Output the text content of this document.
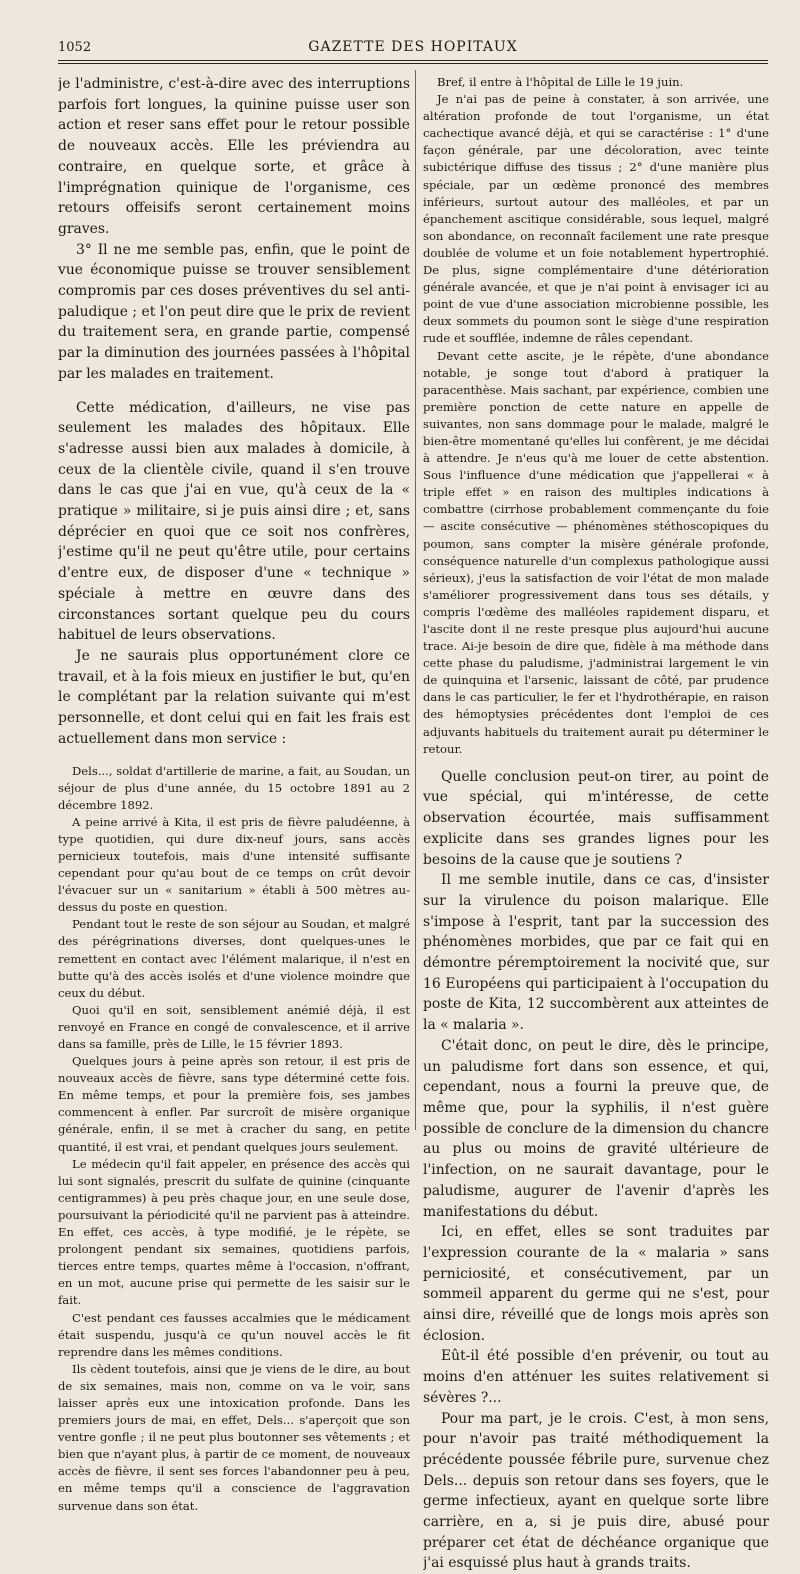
1052	GAZETTE DES HOPITAUX

je l'administre, c'est-à-dire avec des interruptions parfois fort longues, la quinine puisse user son action et reser sans effet pour le retour possible de nouveaux accès. Elle les préviendra au contraire, en quelque sorte, et grâce à l'imprégnation quinique de l'organisme, ces retours offeisifs seront certainement moins graves.

3° Il ne me semble pas, enfin, que le point de vue économique puisse se trouver sensiblement compromis par ces doses préventives du sel anti-paludique ; et l'on peut dire que le prix de revient du traitement sera, en grande partie, compensé par la diminution des journées passées à l'hôpital par les malades en traitement.

Cette médication, d'ailleurs, ne vise pas seulement les malades des hôpitaux. Elle s'adresse aussi bien aux malades à domicile, à ceux de la clientèle civile, quand il s'en trouve dans le cas que j'ai en vue, qu'à ceux de la « pratique » militaire, si je puis ainsi dire ; et, sans déprécier en quoi que ce soit nos confrères, j'estime qu'il ne peut qu'être utile, pour certains d'entre eux, de disposer d'une « technique » spéciale à mettre en œuvre dans des circonstances sortant quelque peu du cours habituel de leurs observations.

Je ne saurais plus opportunément clore ce travail, et à la fois mieux en justifier le but, qu'en le complétant par la relation suivante qui m'est personnelle, et dont celui qui en fait les frais est actuellement dans mon service :

Dels..., soldat d'artillerie de marine, a fait, au Soudan, un séjour de plus d'une année, du 15 octobre 1891 au 2 décembre 1892.

A peine arrivé à Kita, il est pris de fièvre paludéenne, à type quotidien, qui dure dix-neuf jours, sans accès pernicieux toutefois, mais d'une intensité suffisante cependant pour qu'au bout de ce temps on crût devoir l'évacuer sur un « sanitarium » établi à 500 mètres au-dessus du poste en question.

Pendant tout le reste de son séjour au Soudan, et malgré des pérégrinations diverses, dont quelques-unes le remettent en contact avec l'élément malarique, il n'est en butte qu'à des accès isolés et d'une violence moindre que ceux du début.

Quoi qu'il en soit, sensiblement anémié déjà, il est renvoyé en France en congé de convalescence, et il arrive dans sa famille, près de Lille, le 15 février 1893.

Quelques jours à peine après son retour, il est pris de nouveaux accès de fièvre, sans type déterminé cette fois. En même temps, et pour la première fois, ses jambes commencent à enfler. Par surcroît de misère organique générale, enfin, il se met à cracher du sang, en petite quantité, il est vrai, et pendant quelques jours seulement.

Le médecin qu'il fait appeler, en présence des accès qui lui sont signalés, prescrit du sulfate de quinine (cinquante centigrammes) à peu près chaque jour, en une seule dose, poursuivant la périodicité qu'il ne parvient pas à atteindre. En effet, ces accès, à type modifié, je le répète, se prolongent pendant six semaines, quotidiens parfois, tierces entre temps, quartes même à l'occasion, n'offrant, en un mot, aucune prise qui permette de les saisir sur le fait.

C'est pendant ces fausses accalmies que le médicament était suspendu, jusqu'à ce qu'un nouvel accès le fit reprendre dans les mêmes conditions.

Ils cèdent toutefois, ainsi que je viens de le dire, au bout de six semaines, mais non, comme on va le voir, sans laisser après eux une intoxication profonde. Dans les premiers jours de mai, en effet, Dels... s'aperçoit que son ventre gonfle ; il ne peut plus boutonner ses vêtements ; et bien que n'ayant plus, à partir de ce moment, de nouveaux accès de fièvre, il sent ses forces l'abandonner peu à peu, en même temps qu'il a conscience de l'aggravation survenue dans son état.

Bref, il entre à l'hôpital de Lille le 19 juin.

Je n'ai pas de peine à constater, à son arrivée, une altération profonde de tout l'organisme, un état cachectique avancé déjà, et qui se caractérise : 1° d'une façon générale, par une décoloration, avec teinte subictérique diffuse des tissus ; 2° d'une manière plus spéciale, par un œdème prononcé des membres inférieurs, surtout autour des malléoles, et par un épanchement ascitique considérable, sous lequel, malgré son abondance, on reconnaît facilement une rate presque doublée de volume et un foie notablement hypertrophié. De plus, signe complémentaire d'une détérioration générale avancée, et que je n'ai point à envisager ici au point de vue d'une association microbienne possible, les deux sommets du poumon sont le siège d'une respiration rude et soufflée, indemne de râles cependant.

Devant cette ascite, je le répète, d'une abondance notable, je songe tout d'abord à pratiquer la paracenthèse. Mais sachant, par expérience, combien une première ponction de cette nature en appelle de suivantes, non sans dommage pour le malade, malgré le bien-être momentané qu'elles lui confèrent, je me décidai à attendre. Je n'eus qu'à me louer de cette abstention. Sous l'influence d'une médication que j'appellerai « à triple effet » en raison des multiples indications à combattre (cirrhose probablement commençante du foie — ascite consécutive — phénomènes stéthoscopiques du poumon, sans compter la misère générale profonde, conséquence naturelle d'un complexus pathologique aussi sérieux), j'eus la satisfaction de voir l'état de mon malade s'améliorer progressivement dans tous ses détails, y compris l'œdème des malléoles rapidement disparu, et l'ascite dont il ne reste presque plus aujourd'hui aucune trace. Ai-je besoin de dire que, fidèle à ma méthode dans cette phase du paludisme, j'administrai largement le vin de quinquina et l'arsenic, laissant de côté, par prudence dans le cas particulier, le fer et l'hydrothérapie, en raison des hémoptysies précédentes dont l'emploi de ces adjuvants habituels du traitement aurait pu déterminer le retour.

Quelle conclusion peut-on tirer, au point de vue spécial, qui m'intéresse, de cette observation écourtée, mais suffisamment explicite dans ses grandes lignes pour les besoins de la cause que je soutiens ?

Il me semble inutile, dans ce cas, d'insister sur la virulence du poison malarique. Elle s'impose à l'esprit, tant par la succession des phénomènes morbides, que par ce fait qui en démontre péremptoirement la nocivité que, sur 16 Européens qui participaient à l'occupation du poste de Kita, 12 succombèrent aux atteintes de la « malaria ».

C'était donc, on peut le dire, dès le principe, un paludisme fort dans son essence, et qui, cependant, nous a fourni la preuve que, de même que, pour la syphilis, il n'est guère possible de conclure de la dimension du chancre au plus ou moins de gravité ultérieure de l'infection, on ne saurait davantage, pour le paludisme, augurer de l'avenir d'après les manifestations du début.

Ici, en effet, elles se sont traduites par l'expression courante de la « malaria » sans perniciosité, et consécutivement, par un sommeil apparent du germe qui ne s'est, pour ainsi dire, réveillé que de longs mois après son éclosion.

Eût-il été possible d'en prévenir, ou tout au moins d'en atténuer les suites relativement si sévères ?...

Pour ma part, je le crois. C'est, à mon sens, pour n'avoir pas traité méthodiquement la précédente poussée fébrile pure, survenue chez Dels... depuis son retour dans ses foyers, que le germe infectieux, ayant en quelque sorte libre carrière, en a, si je puis dire, abusé pour préparer cet état de déchéance organique que j'ai esquissé plus haut à grands traits.
